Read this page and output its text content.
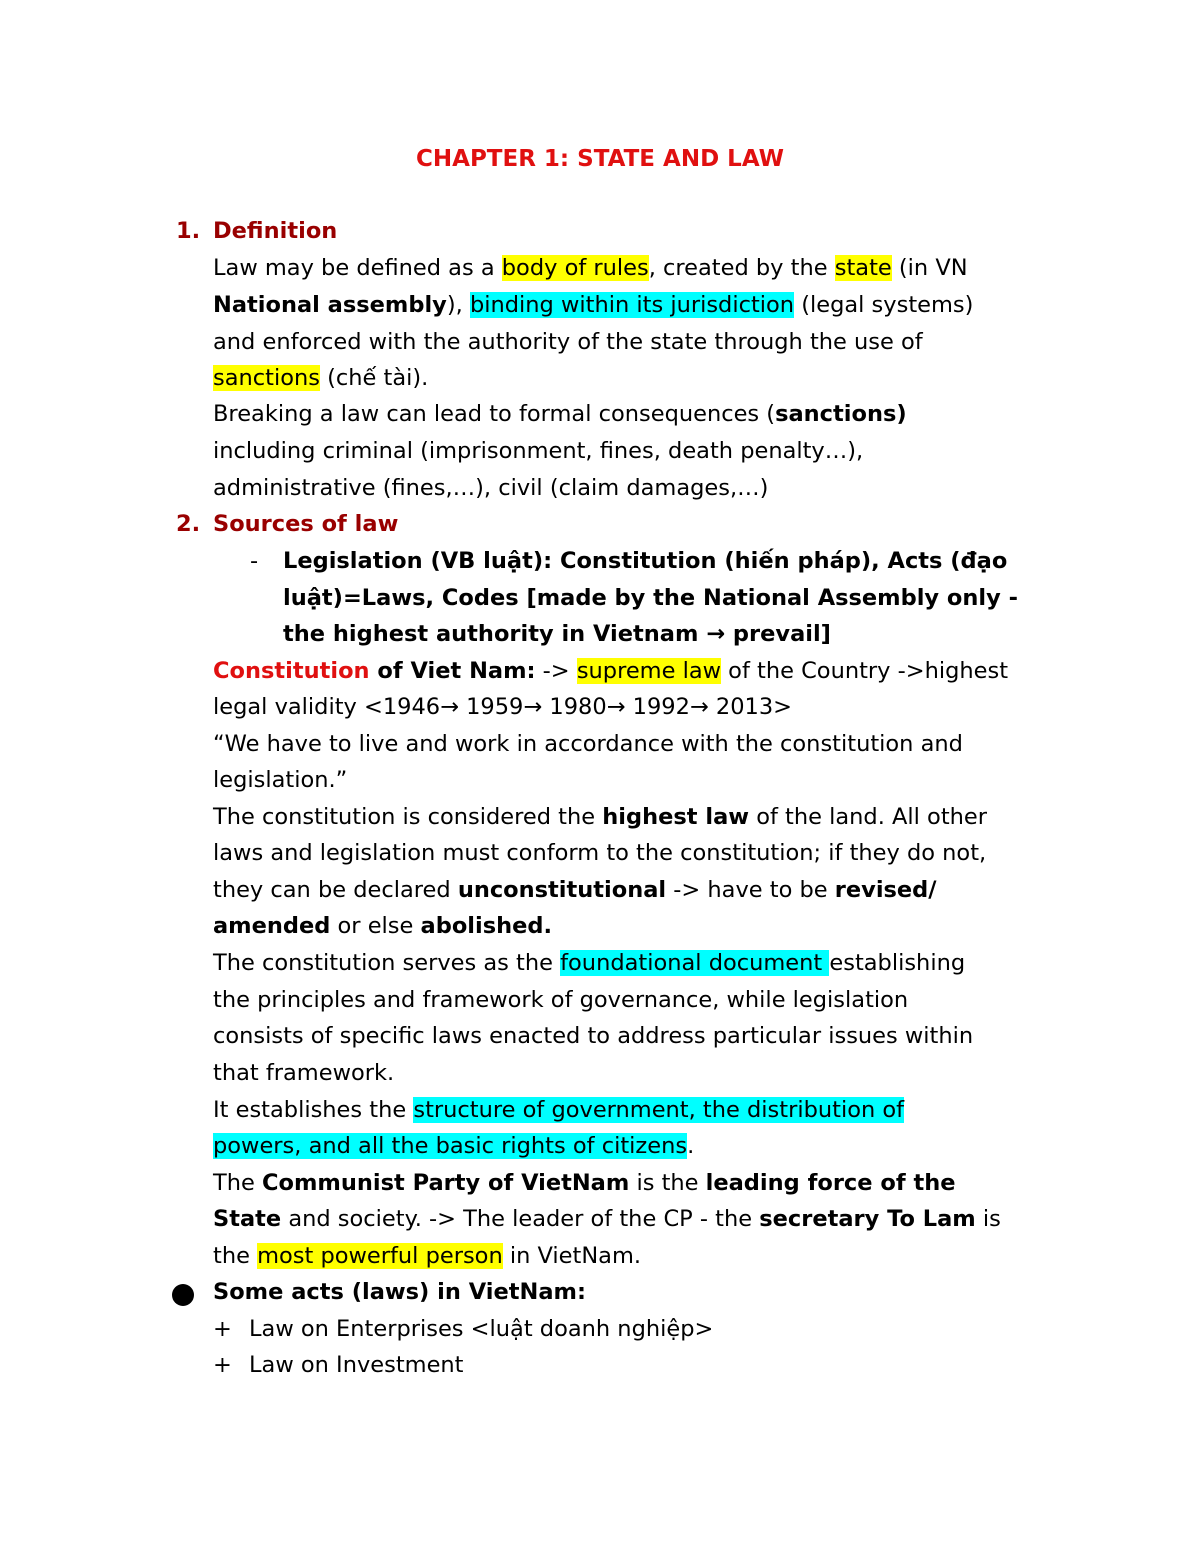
CHAPTER 1: STATE AND LAW
1. Definition
Law may be defined as a body of rules, created by the state (in VN
National assembly), binding within its jurisdiction (legal systems)
and enforced with the authority of the state through the use of
sanctions (chế tài).
Breaking a law can lead to formal consequences (sanctions)
including criminal (imprisonment, fines, death penalty…),
administrative (fines,…), civil (claim damages,…)
2. Sources of law
- Legislation (VB luật): Constitution (hiến pháp), Acts (đạo
luật)=Laws, Codes [made by the National Assembly only -
the highest authority in Vietnam → prevail]
Constitution of Viet Nam: -> supreme law of the Country ->highest
legal validity <1946→ 1959→ 1980→ 1992→ 2013>
“We have to live and work in accordance with the constitution and
legislation.”
The constitution is considered the highest law of the land. All other
laws and legislation must conform to the constitution; if they do not,
they can be declared unconstitutional -> have to be revised/
amended or else abolished.
The constitution serves as the foundational document establishing
the principles and framework of governance, while legislation
consists of specific laws enacted to address particular issues within
that framework.
It establishes the structure of government, the distribution of
powers, and all the basic rights of citizens.
The Communist Party of VietNam is the leading force of the
State and society. -> The leader of the CP - the secretary To Lam is
the most powerful person in VietNam.
Some acts (laws) in VietNam:
+ Law on Enterprises <luật doanh nghiệp>
+ Law on Investment
